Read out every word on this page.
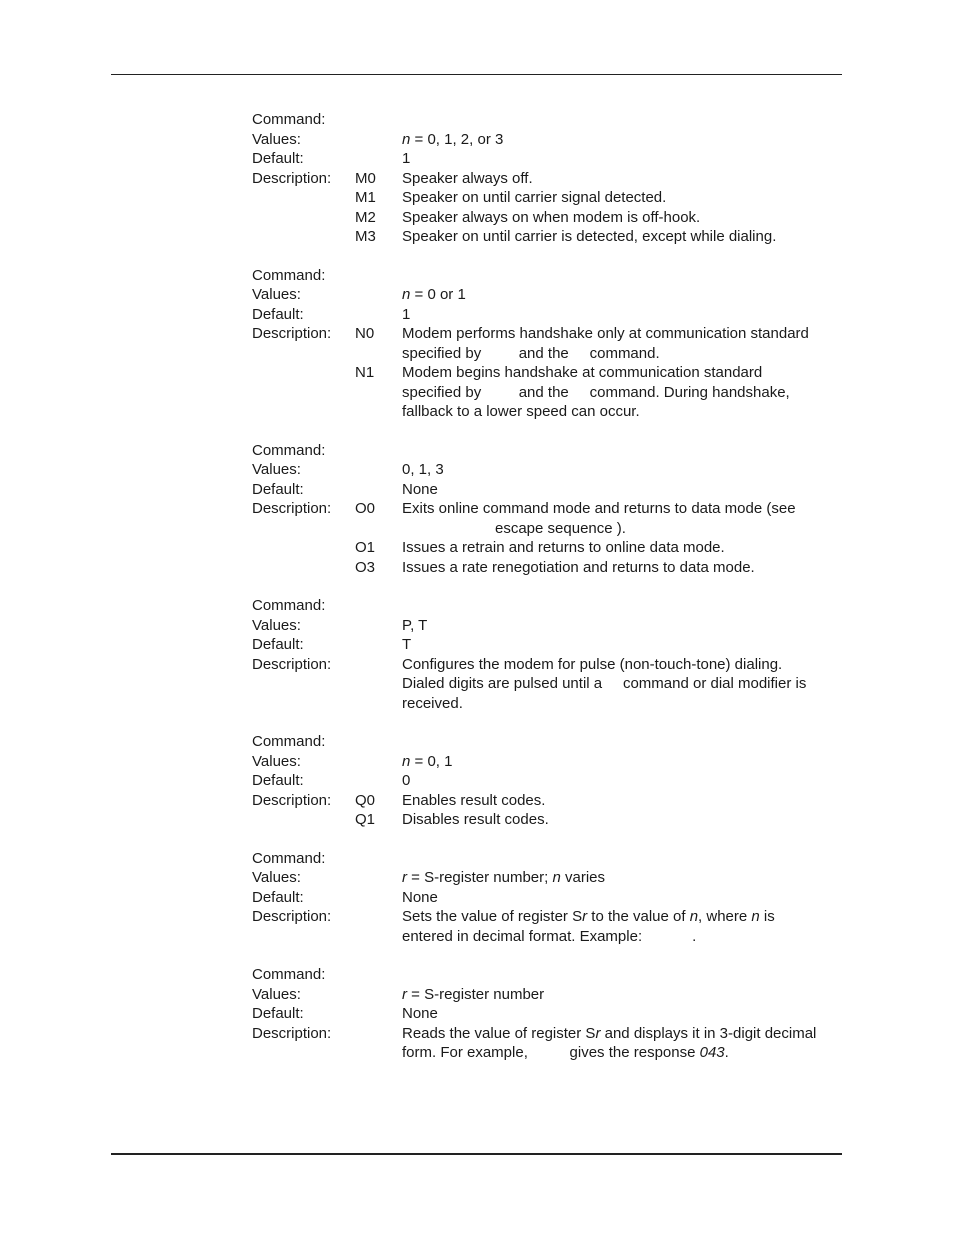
Command:
Values:	n = 0, 1, 2, or 3
Default:	1
Description: M0 Speaker always off.
M1 Speaker on until carrier signal detected.
M2 Speaker always on when modem is off-hook.
M3 Speaker on until carrier is detected, except while dialing.
Command:
Values:	n = 0 or 1
Default:	1
Description: N0 Modem performs handshake only at communication standard
specified by         and the     command.
N1 Modem begins handshake at communication standard
specified by         and the     command. During handshake,
fallback to a lower speed can occur.
Command:
Values:	0, 1, 3
Default:	None
Description: O0 Exits online command mode and returns to data mode (see
escape sequence ).
O1 Issues a retrain and returns to online data mode.
O3 Issues a rate renegotiation and returns to data mode.
Command:
Values:	P, T
Default:	T
Description:	Configures the modem for pulse (non-touch-tone) dialing.
Dialed digits are pulsed until a     command or dial modifier is
received.
Command:
Values:	n = 0, 1
Default:	0
Description: Q0 Enables result codes.
Q1 Disables result codes.
Command:
Values:	r = S-register number; n varies
Default:	None
Description:	Sets the value of register Sr to the value of n, where n is
entered in decimal format. Example:            .
Command:
Values:	r = S-register number
Default:	None
Description:	Reads the value of register Sr and displays it in 3-digit decimal
form. For example,          gives the response 043.
